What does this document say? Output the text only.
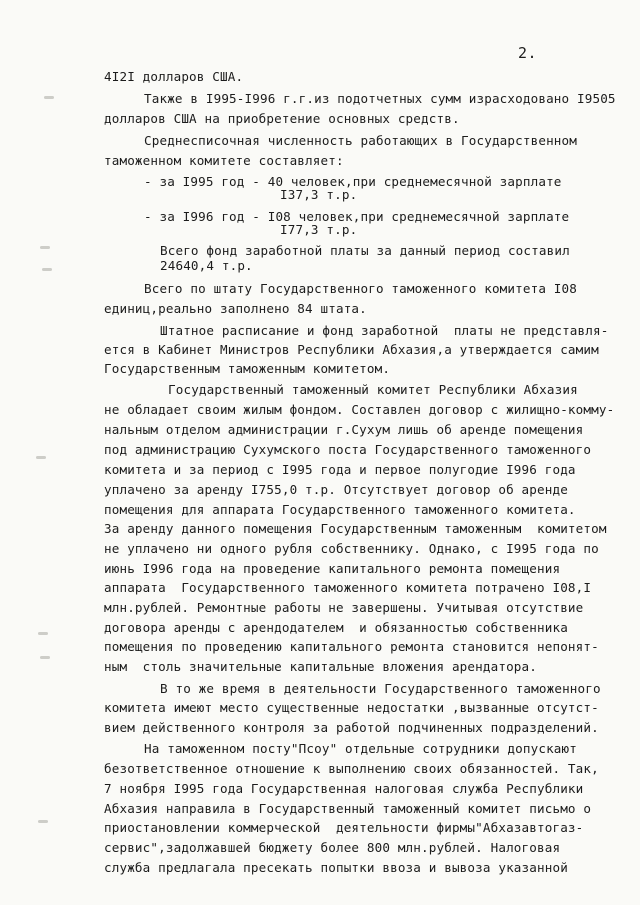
2.
4I2I долларов США.
Также в I995-I996 г.г.из подотчетных сумм израсходовано I9505
долларов США на приобретение основных средств.
Среднесписочная численность работающих в Государственном
таможенном комитете составляет:
- за I995 год - 40 человек,при среднемесячной зарплате
I37,3 т.р.
- за I996 год - I08 человек,при среднемесячной зарплате
I77,3 т.р.
Всего фонд заработной платы за данный период составил
24640,4 т.р.
Всего по штату Государственного таможенного комитета I08
единиц,реально заполнено 84 штата.
Штатное расписание и фонд заработной  платы не представля-
ется в Кабинет Министров Республики Абхазия,а утверждается самим
Государственным таможенным комитетом.
Государственный таможенный комитет Республики Абхазия
не обладает своим жилым фондом. Составлен договор с жилищно-комму-
нальным отделом администрации г.Сухум лишь об аренде помещения
под администрацию Сухумского поста Государственного таможенного
комитета и за период с I995 года и первое полугодие I996 года
уплачено за аренду I755,0 т.р. Отсутствует договор об аренде
помещения для аппарата Государственного таможенного комитета.
За аренду данного помещения Государственным таможенным  комитетом
не уплачено ни одного рубля собственнику. Однако, с I995 года по
июнь I996 года на проведение капитального ремонта помещения
аппарата  Государственного таможенного комитета потрачено I08,I
млн.рублей. Ремонтные работы не завершены. Учитывая отсутствие
договора аренды с арендодателем  и обязанностью собственника
помещения по проведению капитального ремонта становится непонят-
ным  столь значительные капитальные вложения арендатора.
В то же время в деятельности Государственного таможенного
комитета имеют место существенные недостатки ,вызванные отсутст-
вием действенного контроля за работой подчиненных подразделений.
На таможенном посту"Псоу" отдельные сотрудники допускают
безответственное отношение к выполнению своих обязанностей. Так,
7 ноября I995 года Государственная налоговая служба Республики
Абхазия направила в Государственный таможенный комитет письмо о
приостановлении коммерческой  деятельности фирмы"Абхазавтогаз-
сервис",задолжавшей бюджету более 800 млн.рублей. Налоговая
служба предлагала пресекать попытки ввоза и вывоза указанной
